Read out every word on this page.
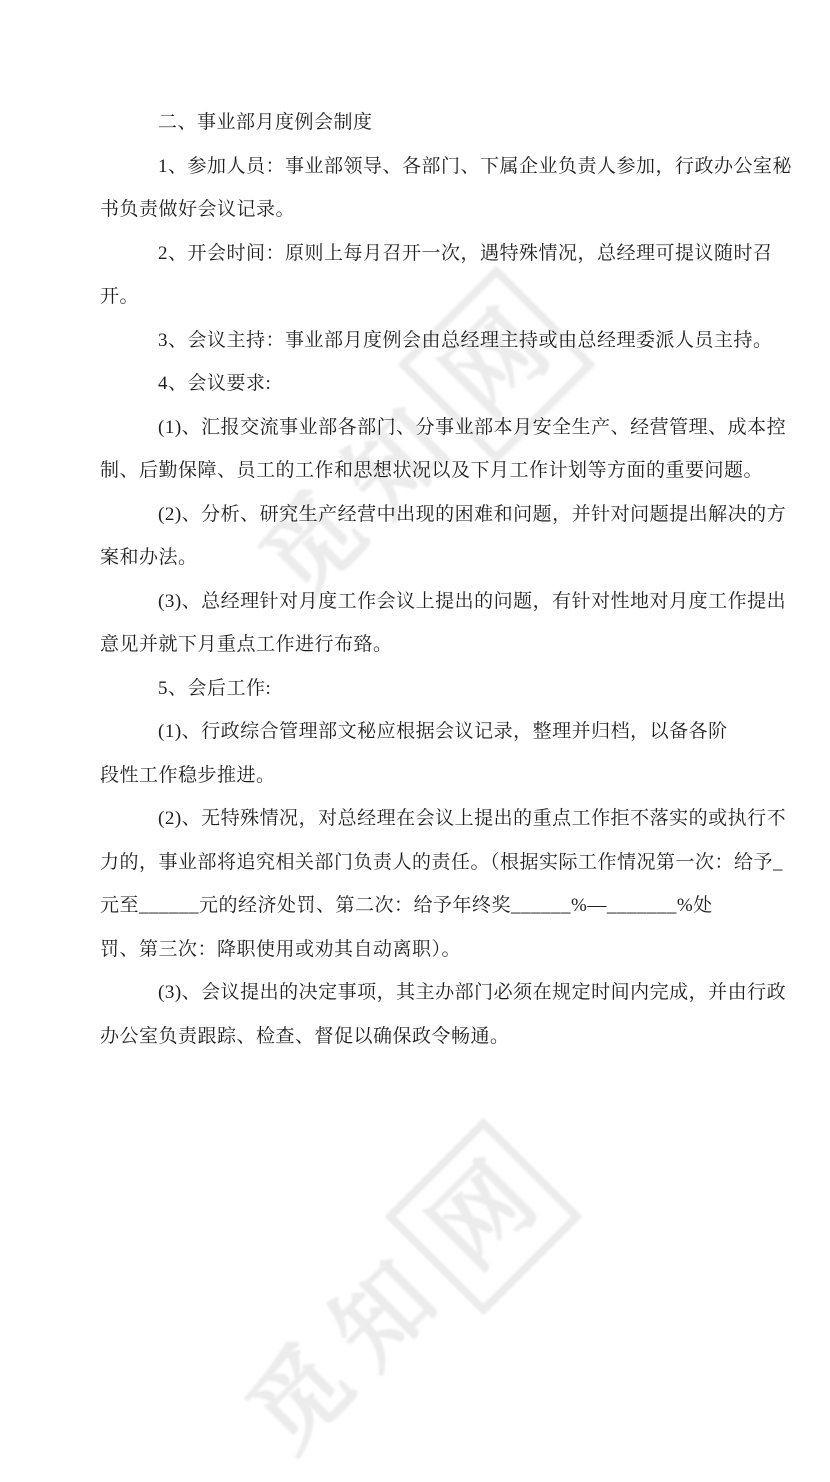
觅
知
网
觅
知
网
二、事业部月度例会制度
1、参加人员：事业部领导、各部门、下属企业负责人参加，行政办公室秘
书负责做好会议记录。
2、开会时间：原则上每月召开一次，遇特殊情况，总经理可提议随时召
开。
3、会议主持：事业部月度例会由总经理主持或由总经理委派人员主持。
4、会议要求:
(1)、汇报交流事业部各部门、分事业部本月安全生产、经营管理、成本控
制、后勤保障、员工的工作和思想状况以及下月工作计划等方面的重要问题。
(2)、分析、研究生产经营中出现的困难和问题，并针对问题提出解决的方
案和办法。
(3)、总经理针对月度工作会议上提出的问题，有针对性地对月度工作提出
意见并就下月重点工作进行布臵。
5、会后工作:
(1)、行政综合管理部文秘应根据会议记录，整理并归档，以备各阶
段性工作稳步推进。
(2)、无特殊情况，对总经理在会议上提出的重点工作拒不落实的或执行不
力的，事业部将追究相关部门负责人的责任。（根据实际工作情况第一次：给予_
元至______元的经济处罚、第二次：给予年终奖______%—_______%处
罚、第三次：降职使用或劝其自动离职）。
(3)、会议提出的决定事项，其主办部门必须在规定时间内完成，并由行政
办公室负责跟踪、检查、督促以确保政令畅通。
